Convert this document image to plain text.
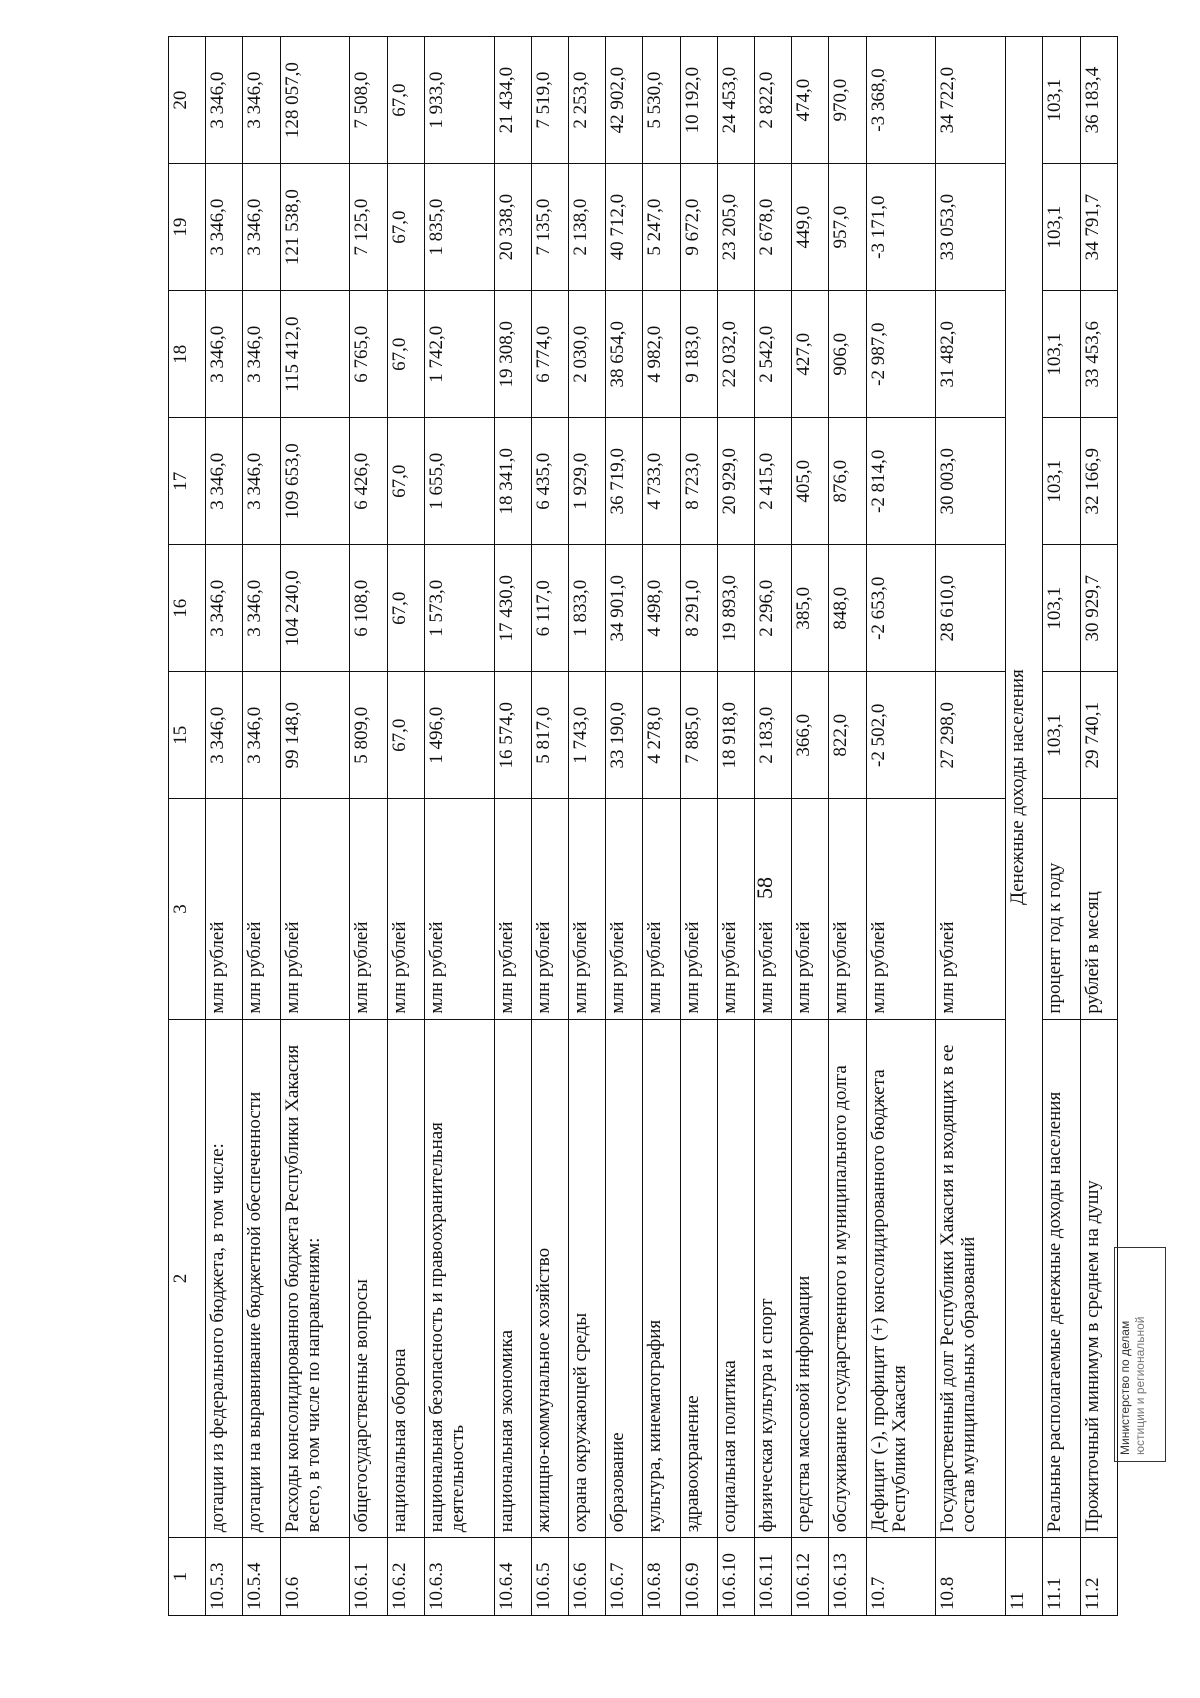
58
1	2	3	15	16	17	18	19	20
10.5.3	дотации из федерального бюджета, в том числе:	млн рублей	3 346,0	3 346,0	3 346,0	3 346,0	3 346,0	3 346,0
10.5.4	дотации на выравнивание бюджетной обеспеченности	млн рублей	3 346,0	3 346,0	3 346,0	3 346,0	3 346,0	3 346,0
10.6	Расходы консолидированного бюджета Республики Хакасия всего, в том числе по направлениям:	млн рублей	99 148,0	104 240,0	109 653,0	115 412,0	121 538,0	128 057,0
10.6.1	общегосударственные вопросы	млн рублей	5 809,0	6 108,0	6 426,0	6 765,0	7 125,0	7 508,0
10.6.2	национальная оборона	млн рублей	67,0	67,0	67,0	67,0	67,0	67,0
10.6.3	национальная безопасность и правоохранительная деятельность	млн рублей	1 496,0	1 573,0	1 655,0	1 742,0	1 835,0	1 933,0
10.6.4	национальная экономика	млн рублей	16 574,0	17 430,0	18 341,0	19 308,0	20 338,0	21 434,0
10.6.5	жилищно-коммунальное хозяйство	млн рублей	5 817,0	6 117,0	6 435,0	6 774,0	7 135,0	7 519,0
10.6.6	охрана окружающей среды	млн рублей	1 743,0	1 833,0	1 929,0	2 030,0	2 138,0	2 253,0
10.6.7	образование	млн рублей	33 190,0	34 901,0	36 719,0	38 654,0	40 712,0	42 902,0
10.6.8	культура, кинематография	млн рублей	4 278,0	4 498,0	4 733,0	4 982,0	5 247,0	5 530,0
10.6.9	здравоохранение	млн рублей	7 885,0	8 291,0	8 723,0	9 183,0	9 672,0	10 192,0
10.6.10	социальная политика	млн рублей	18 918,0	19 893,0	20 929,0	22 032,0	23 205,0	24 453,0
10.6.11	физическая культура и спорт	млн рублей	2 183,0	2 296,0	2 415,0	2 542,0	2 678,0	2 822,0
10.6.12	средства массовой информации	млн рублей	366,0	385,0	405,0	427,0	449,0	474,0
10.6.13	обслуживание государственного и муниципального долга	млн рублей	822,0	848,0	876,0	906,0	957,0	970,0
10.7	Дефицит (-), профицит (+) консолидированного бюджета Республики Хакасия	млн рублей	-2 502,0	-2 653,0	-2 814,0	-2 987,0	-3 171,0	-3 368,0
10.8	Государственный долг Республики Хакасия и входящих в ее состав муниципальных образований	млн рублей	27 298,0	28 610,0	30 003,0	31 482,0	33 053,0	34 722,0
11	Денежные доходы населения							
11.1	Реальные располагаемые денежные доходы населения	процент год к году	103,1	103,1	103,1	103,1	103,1	103,1
11.2	Прожиточный минимум в среднем на душу	рублей в месяц	29 740,1	30 929,7	32 166,9	33 453,6	34 791,7	36 183,4
Министерство по делам юстиции и региональной
